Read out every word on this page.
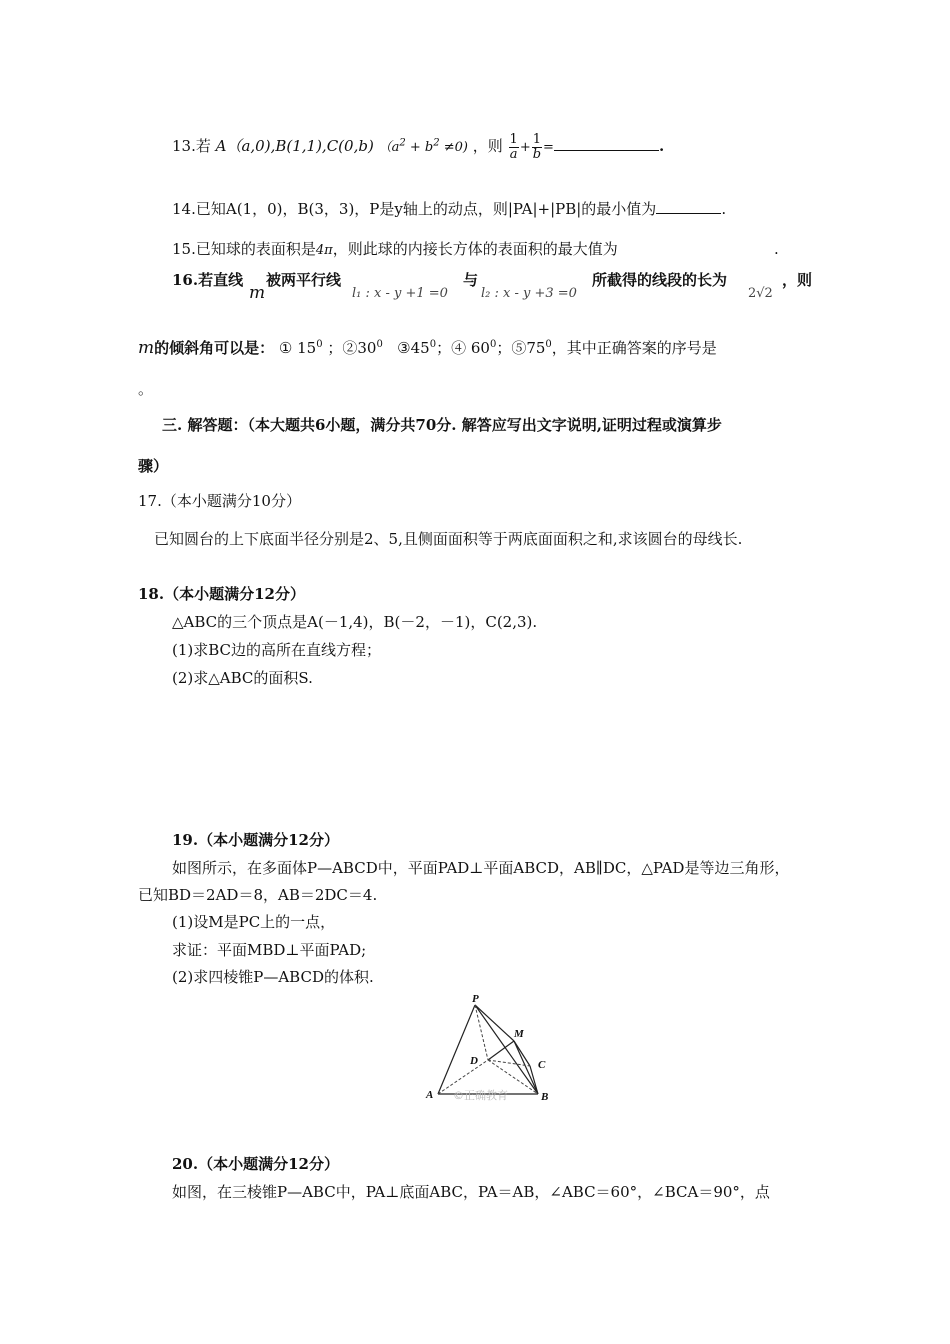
13.若 A（a,0),B(1,1),C(0,b) $(a^2 + b^2 \ne 0)$ ，则 $\frac{1}{a} + \frac{1}{b}$ =	.
14.已知A(1，0)，B(3，3)，P是y轴上的动点，则|PA|+|PB|的最小值为	.
15.已知球的表面积是4π，则此球的内接长方体的表面积的最大值为	.
16.若直线
m
被两平行线
l₁ : x - y +1 =0
与
l₂ : x - y +3 =0
所截得的线段的长为
2√2
，则
m的倾斜角可以是： ① $15^0$ ；$②30^0$ $③45^0$；④ $60^0$；$⑤75^0$，其中正确答案的序号是
。
三. 解答题：（本大题共6小题，满分共70分. 解答应写出文字说明,证明过程或演算步
骤）
17.（本小题满分10分）
已知圆台的上下底面半径分别是2、5,且侧面面积等于两底面面积之和,求该圆台的母线长.
18.（本小题满分12分）
△ABC的三个顶点是A(－1,4)，B(－2，－1)，C(2,3).
(1)求BC边的高所在直线方程；
(2)求△ABC的面积S.
19.（本小题满分12分）
如图所示，在多面体P—ABCD中，平面PAD⊥平面ABCD，AB∥DC，△PAD是等边三角形，
已知BD＝2AD＝8，AB＝2DC＝4.
(1)设M是PC上的一点，
求证：平面MBD⊥平面PAD;
(2)求四棱锥P—ABCD的体积.
P
M
D	C
A	B
©正确教育
20.（本小题满分12分）
如图，在三棱锥P—ABC中，PA⊥底面ABC，PA＝AB，∠ABC＝60°，∠BCA＝90°，点
